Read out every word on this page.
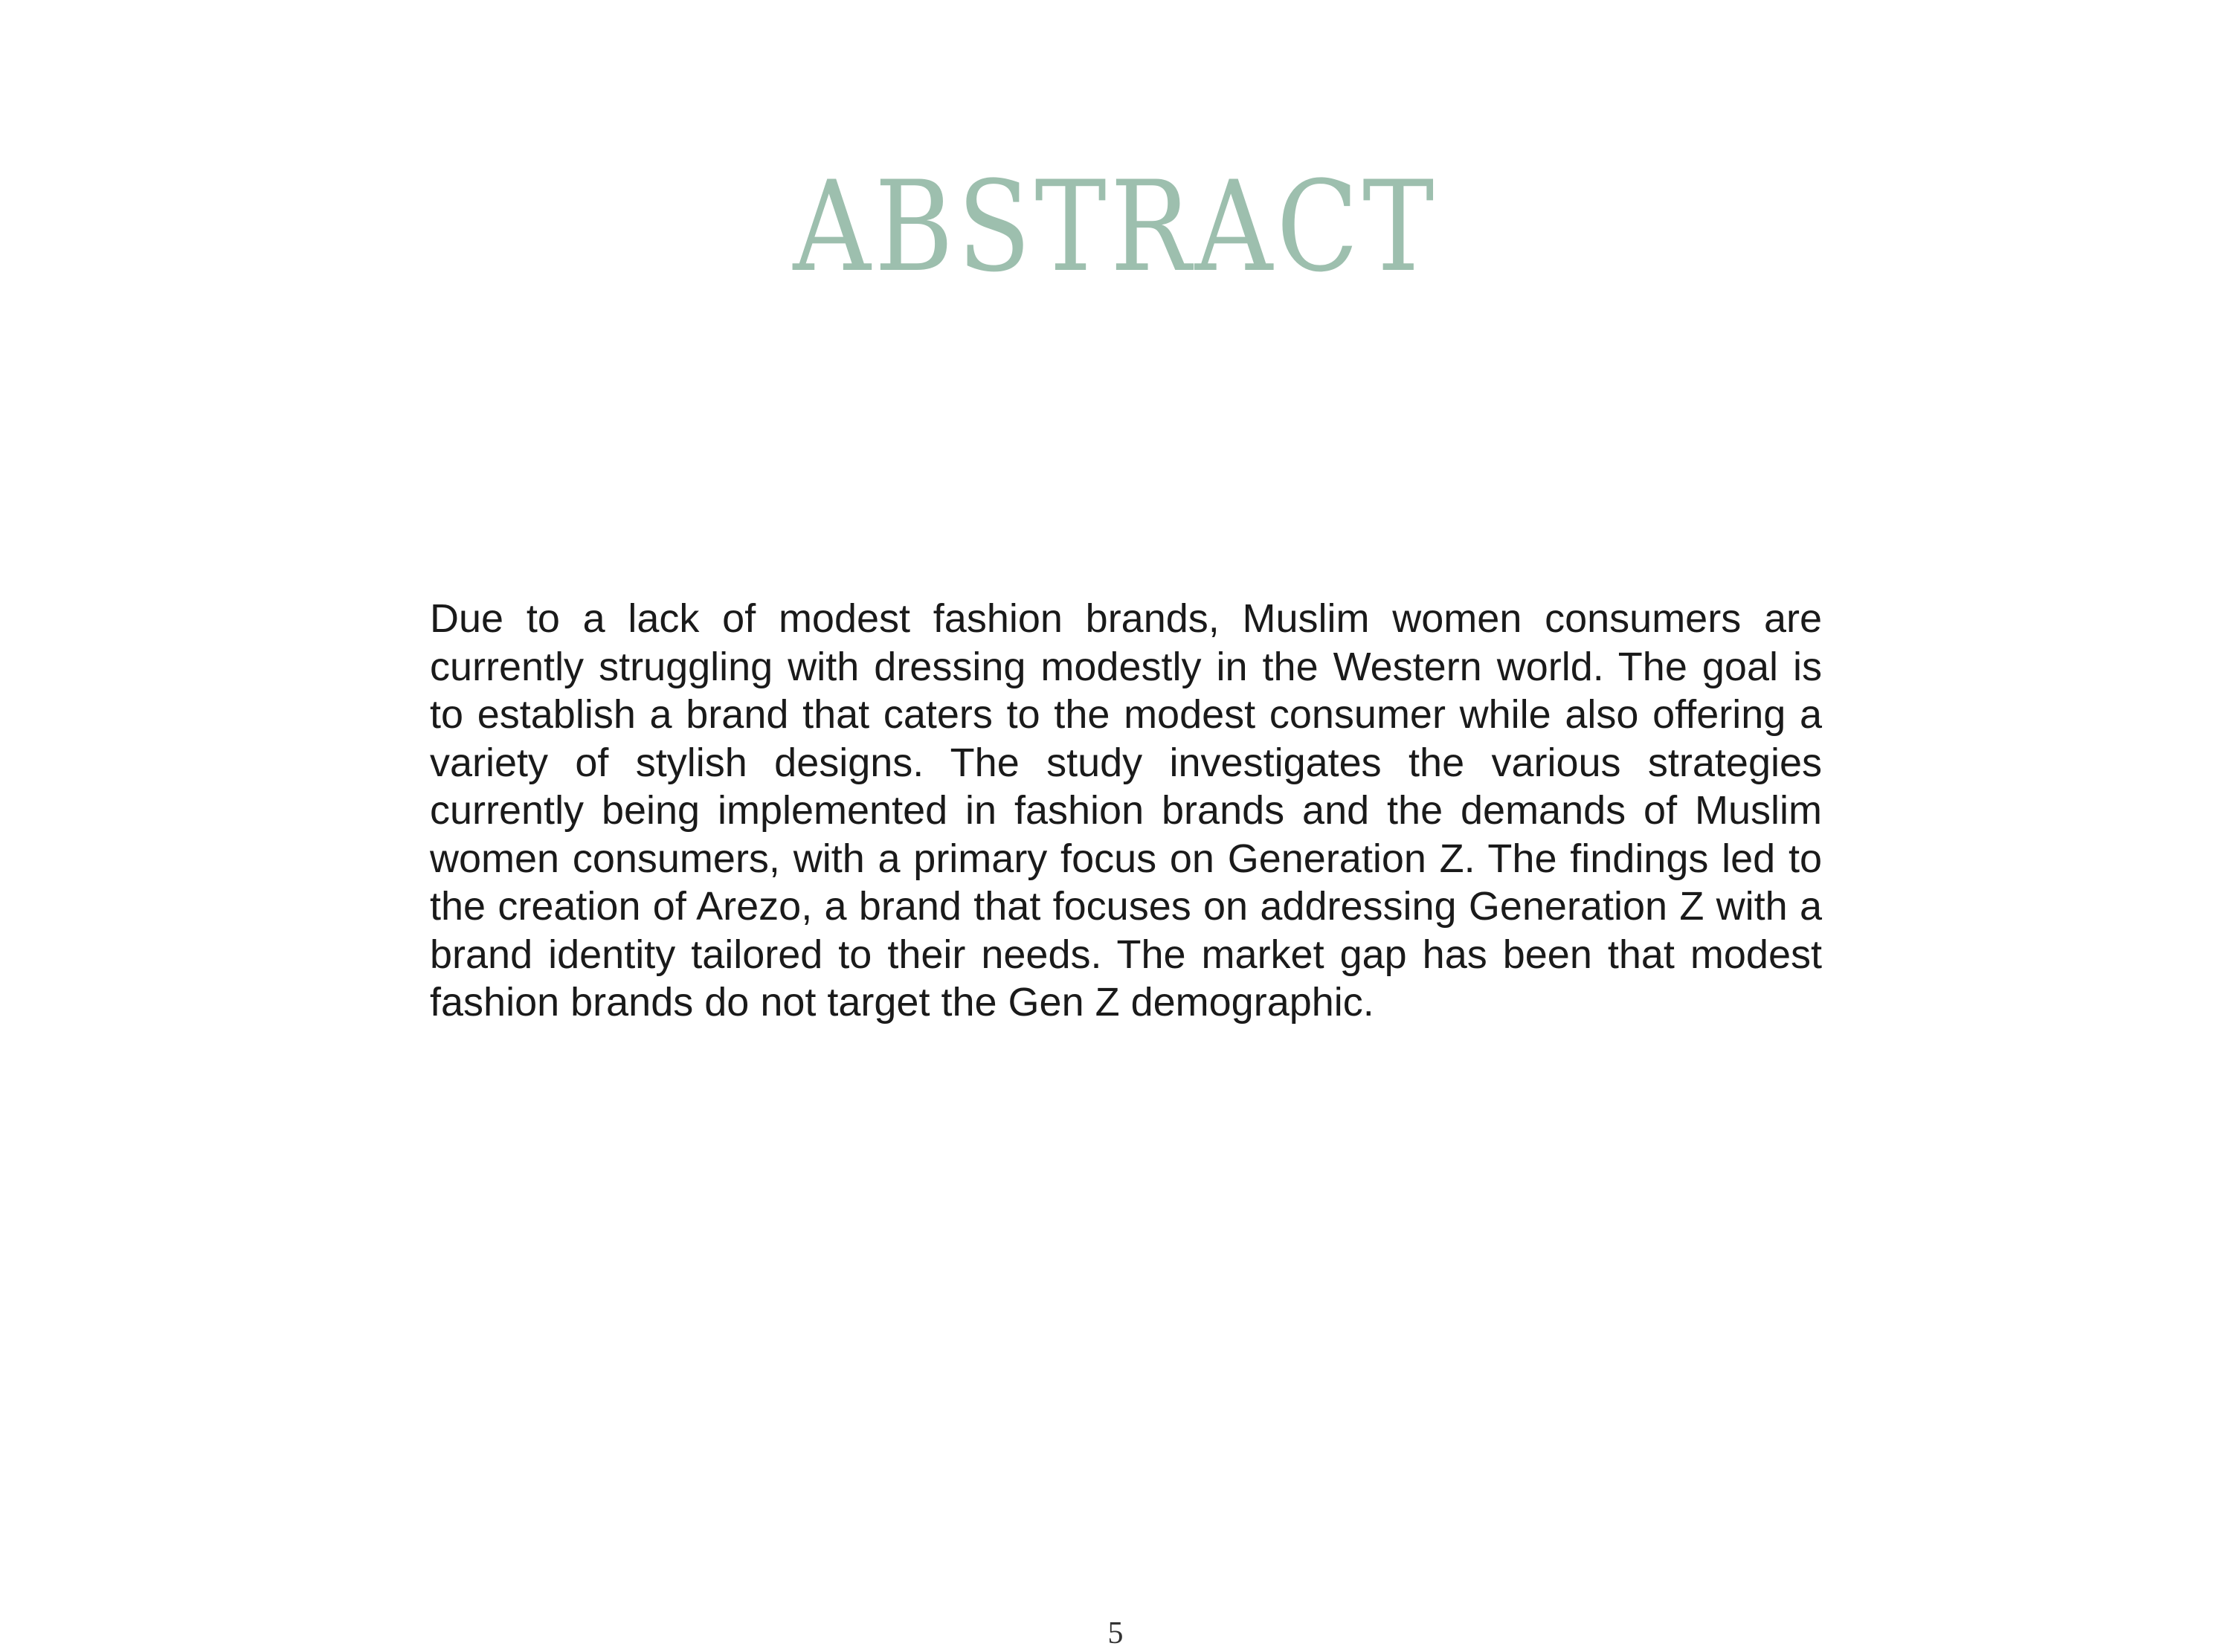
ABSTRACT

Due to a lack of modest fashion brands, Muslim women consumers are currently struggling with dressing modestly in the Western world. The goal is to establish a brand that caters to the modest consumer while also offering a variety of stylish designs. The study investigates the various strategies currently being implemented in fashion brands and the demands of Muslim women consumers, with a primary focus on Generation Z. The findings led to the creation of Arezo, a brand that focuses on addressing Generation Z with a brand identity tailored to their needs. The market gap has been that modest fashion brands do not target the Gen Z demographic.

5
